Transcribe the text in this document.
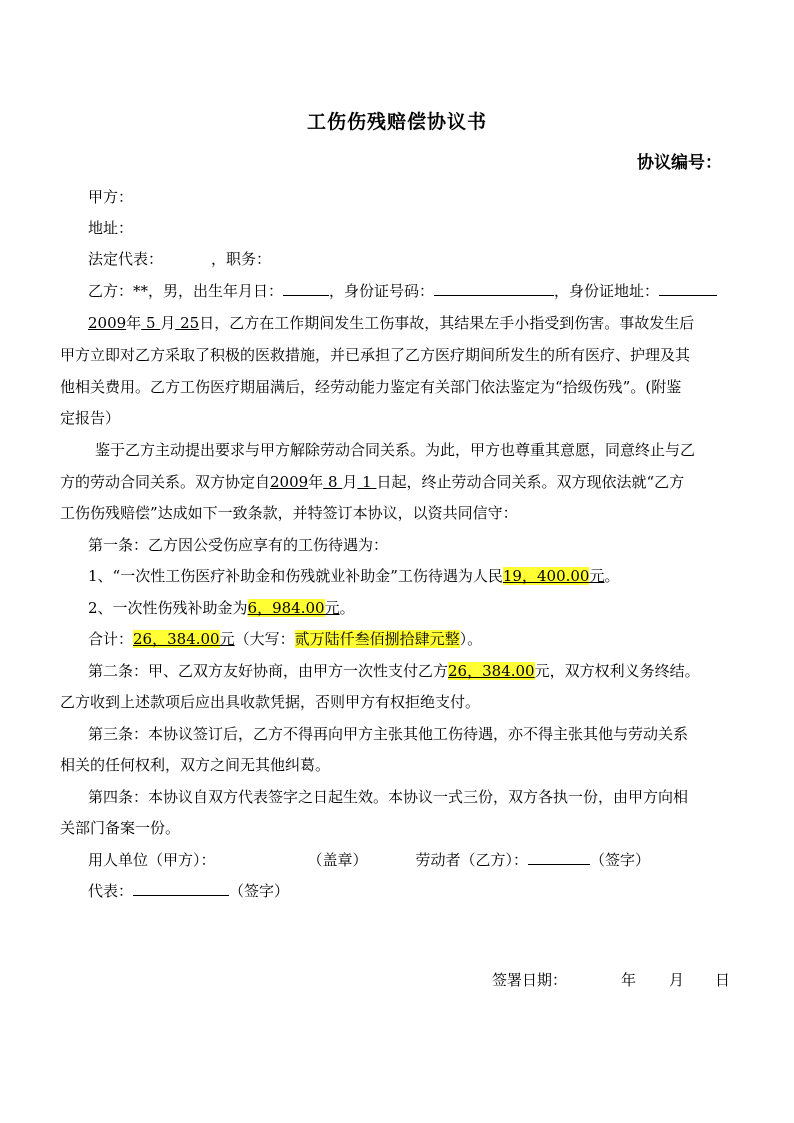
工伤伤残赔偿协议书
协议编号：
甲方：
地址：
法定代表：	，职务：
乙方：**，男，出生年月日：	，身份证号码：	，身份证地址：
2009年 5 月 25日，乙方在工作期间发生工伤事故，其结果左手小指受到伤害。事故发生后
甲方立即对乙方采取了积极的医救措施，并已承担了乙方医疗期间所发生的所有医疗、护理及其
他相关费用。乙方工伤医疗期届满后，经劳动能力鉴定有关部门依法鉴定为“拾级伤残”。(附鉴
定报告）
鉴于乙方主动提出要求与甲方解除劳动合同关系。为此，甲方也尊重其意愿，同意终止与乙
方的劳动合同关系。双方协定自2009年 8 月 1 日起，终止劳动合同关系。双方现依法就“乙方
工伤伤残赔偿”达成如下一致条款，并特签订本协议，以资共同信守：
第一条：乙方因公受伤应享有的工伤待遇为：
1、“一次性工伤医疗补助金和伤残就业补助金”工伤待遇为人民19，400.00元。
2、一次性伤残补助金为6，984.00元。
合计：26，384.00元（大写：贰万陆仟叁佰捌拾肆元整）。
第二条：甲、乙双方友好协商，由甲方一次性支付乙方26，384.00元，双方权利义务终结。
乙方收到上述款项后应出具收款凭据，否则甲方有权拒绝支付。
第三条：本协议签订后，乙方不得再向甲方主张其他工伤待遇，亦不得主张其他与劳动关系
相关的任何权利，双方之间无其他纠葛。
第四条：本协议自双方代表签字之日起生效。本协议一式三份，双方各执一份，由甲方向相
关部门备案一份。
用人单位（甲方）：	（盖章）	劳动者（乙方）：	（签字）
代表：	（签字）
签署日期：	年 月 日
